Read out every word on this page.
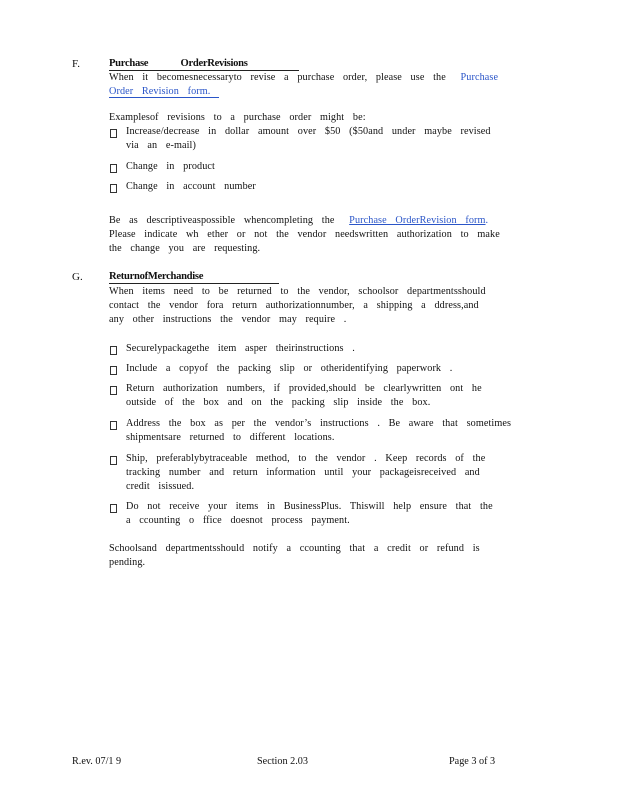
F.	Purchase OrderRevisions
When it becomesnecessaryto revise a purchase order, please use the Purchase
Order Revision form.
Examplesof revisions to a purchase order might be:
Increase/decrease in dollar amount over $50 ($50and under maybe revised
via an e-mail)
Change in product
Change in account number
Be as descriptiveaspossible whencompleting the Purchase OrderRevision form.
Please indicate wh ether or not the vendor needswritten authorization to make
the change you are requesting.
G. ReturnofMerchandise
When items need to be returned to the vendor, schoolsor departmentsshould
contact the vendor fora return authorizationnumber, a shipping a ddress,and
any other instructions the vendor may require .
Securelypackagethe item asper theirinstructions .
Include a copyof the packing slip or otheridentifying paperwork .
Return authorization numbers, if provided,should be clearlywritten ont he
outside of the box and on the packing slip inside the box.
Address the box as per the vendor’s instructions . Be aware that sometimes
shipmentsare returned to different locations.
Ship, preferablybytraceable method, to the vendor . Keep records of the
tracking number and return information until your packageisreceived and
credit isissued.
Do not receive your items in BusinessPlus. Thiswill help ensure that the
a ccounting o ffice doesnot process payment.
Schoolsand departmentsshould notify a ccounting that a credit or refund is
pending.
R.ev. 07/1 9	Section 2.03	Page 3 of 3
